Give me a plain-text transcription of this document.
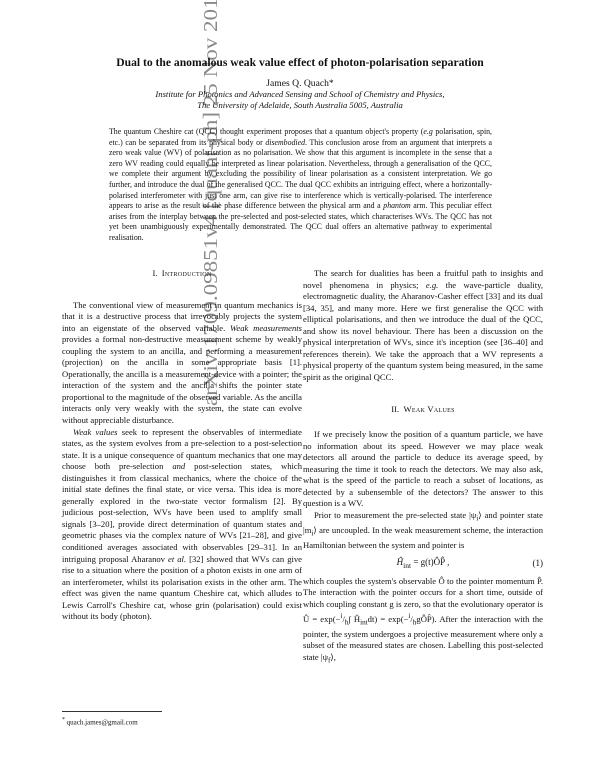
arXiv:1709.09851v4 [quant-ph] 25 Nov 2019
Dual to the anomalous weak value effect of photon-polarisation separation
James Q. Quach*
Institute for Photonics and Advanced Sensing and School of Chemistry and Physics,
The University of Adelaide, South Australia 5005, Australia

The quantum Cheshire cat (QCC) thought experiment proposes that a quantum object's property (e.g polarisation, spin, etc.) can be separated from its physical body or disembodied. This conclusion arose from an argument that interprets a zero weak value (WV) of polarisation as no polarisation. We show that this argument is incomplete in the sense that a zero WV reading could equally be interpreted as linear polarisation. Nevertheless, through a generalisation of the QCC, we complete their argument by excluding the possibility of linear polarisation as a consistent interpretation. We go further, and introduce the dual of the generalised QCC. The dual QCC exhibits an intriguing effect, where a horizontally-polarised interferometer with just one arm, can give rise to interference which is vertically-polarised. The interference appears to arise as the result of the phase difference between the physical arm and a phantom arm. This peculiar effect arises from the interplay between the pre-selected and post-selected states, which characterises WVs. The QCC has not yet been unambiguously experimentally demonstrated. The QCC dual offers an alternative pathway to experimental realisation.

I. Introduction

The conventional view of measurement in quantum mechanics is that it is a destructive process that irrevocably projects the system into an eigenstate of the observed variable. Weak measurements provides a formal non-destructive measurement scheme by weakly coupling the system to an ancilla, and performing a measurement (projection) on the ancilla in some appropriate basis [1]. Operationally, the ancilla is a measurement-device with a pointer; the interaction of the system and the ancilla shifts the pointer state proportional to the magnitude of the observed variable. As the ancilla interacts only very weakly with the system, the state can evolve without appreciable disturbance.

Weak values seek to represent the observables of intermediate states, as the system evolves from a pre-selection to a post-selection state. It is a unique consequence of quantum mechanics that one may choose both pre-selection and post-selection states, which distinguishes it from classical mechanics, where the choice of the initial state defines the final state, or vice versa. This idea is more generally explored in the two-state vector formalism [2]. By judicious post-selection, WVs have been used to amplify small signals [3–20], provide direct determination of quantum states and geometric phases via the complex nature of WVs [21–28], and give conditioned averages associated with observables [29–31]. In an intriguing proposal Aharanov et al. [32] showed that WVs can give rise to a situation where the position of a photon exists in one arm of an interferometer, whilst its polarisation exists in the other arm. The effect was given the name quantum Cheshire cat, which alludes to Lewis Carroll's Cheshire cat, whose grin (polarisation) could exist without its body (photon).

The search for dualities has been a fruitful path to insights and novel phenomena in physics; e.g. the wave-particle duality, electromagnetic duality, the Aharanov-Casher effect [33] and its dual [34, 35], and many more. Here we first generalise the QCC with elliptical polarisations, and then we introduce the dual of the QCC, and show its novel behaviour. There has been a discussion on the physical interpretation of WVs, since it's inception (see [36–40] and references therein). We take the approach that a WV represents a physical property of the quantum system being measured, in the same spirit as the original QCC.

II. Weak Values

If we precisely know the position of a quantum particle, we have no information about its speed. However we may place weak detectors all around the particle to deduce its average speed, by measuring the time it took to reach the detectors. We may also ask, what is the speed of the particle to reach a subset of locations, as detected by a subensemble of the detectors? The answer to this question is a WV.

Prior to measurement the pre-selected state $|\psi_i⟩$ and pointer state $|m_i⟩$ are uncoupled. In the weak measurement scheme, the interaction Hamiltonian between the system and pointer is

$Ĥ_{int}$ = g(t)ÔP̂ ,	(1)

which couples the system's observable Ô to the pointer momentum P̂. The interaction with the pointer occurs for a short time, outside of which coupling constant g is zero, so that the evolutionary operator is Û = $\exp(-^i/_ħ\int$ $Ĥ_{int}dt$) = $\exp(-^i/_ħgÔP̂)$. After the interaction with the pointer, the system undergoes a projective measurement where only a subset of the measured states are chosen. Labelling this post-selected state $|\psi_f⟩$,

* quach.james@gmail.com
